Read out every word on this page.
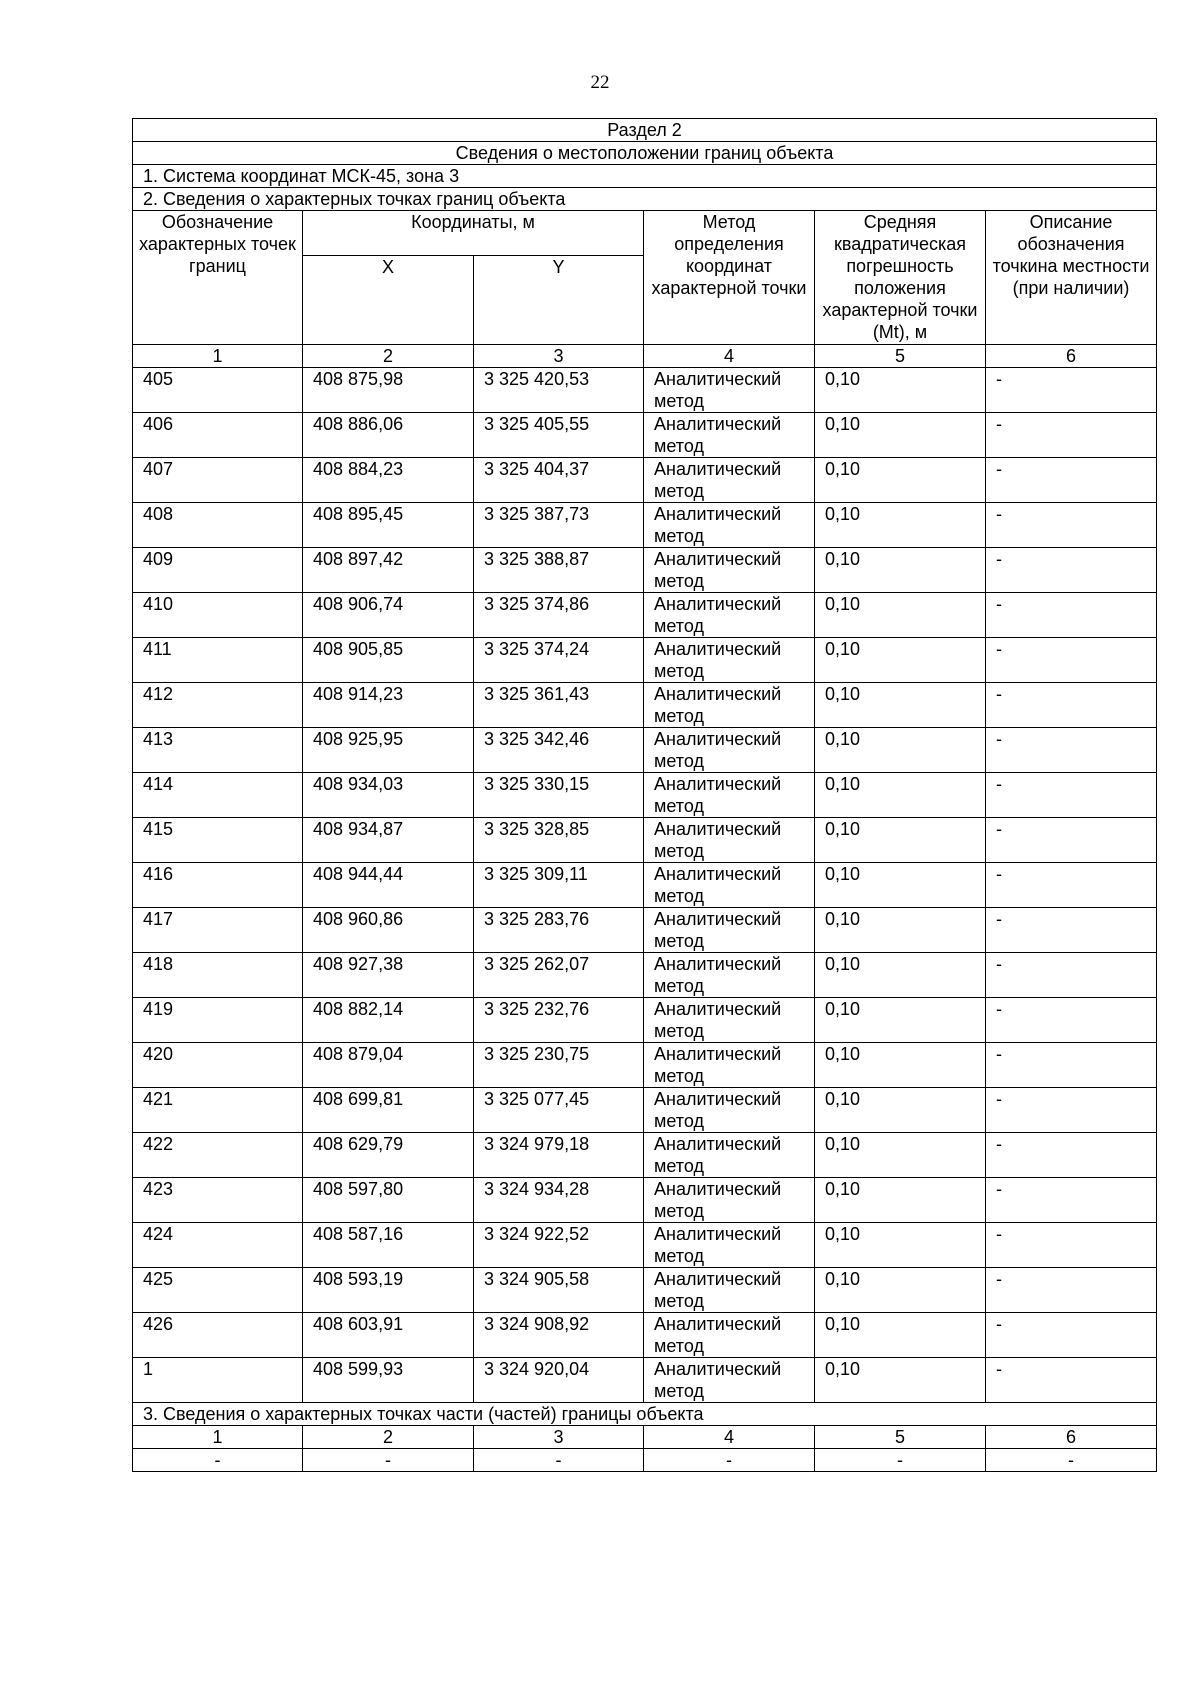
22
Раздел 2					
Сведения о местоположении границ объекта					
1. Система координат МСК-45, зона 3					
2. Сведения о характерных точках границ объекта					
Обозначение характерных точек границ	Координаты, м		Метод определения координат характерной точки	Средняя квадратическая погрешность положения характерной точки (Mt), м	Описание обозначения точкина местности (при наличии)
	X	Y			
1	2	3	4	5	6
405	408 875,98	3 325 420,53	Аналитический метод	0,10	-
406	408 886,06	3 325 405,55	Аналитический метод	0,10	-
407	408 884,23	3 325 404,37	Аналитический метод	0,10	-
408	408 895,45	3 325 387,73	Аналитический метод	0,10	-
409	408 897,42	3 325 388,87	Аналитический метод	0,10	-
410	408 906,74	3 325 374,86	Аналитический метод	0,10	-
411	408 905,85	3 325 374,24	Аналитический метод	0,10	-
412	408 914,23	3 325 361,43	Аналитический метод	0,10	-
413	408 925,95	3 325 342,46	Аналитический метод	0,10	-
414	408 934,03	3 325 330,15	Аналитический метод	0,10	-
415	408 934,87	3 325 328,85	Аналитический метод	0,10	-
416	408 944,44	3 325 309,11	Аналитический метод	0,10	-
417	408 960,86	3 325 283,76	Аналитический метод	0,10	-
418	408 927,38	3 325 262,07	Аналитический метод	0,10	-
419	408 882,14	3 325 232,76	Аналитический метод	0,10	-
420	408 879,04	3 325 230,75	Аналитический метод	0,10	-
421	408 699,81	3 325 077,45	Аналитический метод	0,10	-
422	408 629,79	3 324 979,18	Аналитический метод	0,10	-
423	408 597,80	3 324 934,28	Аналитический метод	0,10	-
424	408 587,16	3 324 922,52	Аналитический метод	0,10	-
425	408 593,19	3 324 905,58	Аналитический метод	0,10	-
426	408 603,91	3 324 908,92	Аналитический метод	0,10	-
1	408 599,93	3 324 920,04	Аналитический метод	0,10	-
3. Сведения о характерных точках части (частей) границы объекта					
1	2	3	4	5	6
-	-	-	-	-	-
